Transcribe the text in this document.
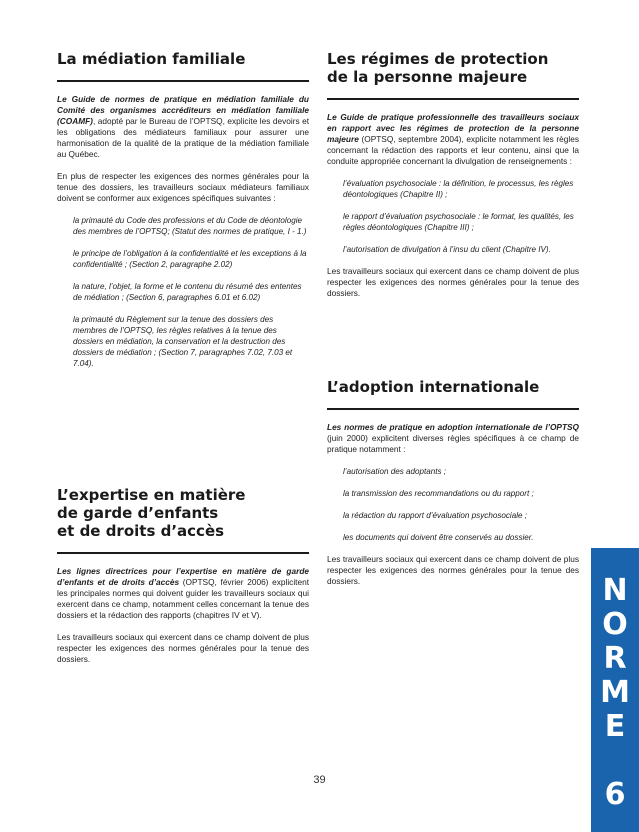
La médiation familiale

Le Guide de normes de pratique en médiation familiale du Comité des organismes accréditeurs en médiation familiale (COAMF), adopté par le Bureau de l’OPTSQ, explicite les devoirs et les obligations des médiateurs familiaux pour assurer une harmonisation de la qualité de la pratique de la médiation familiale au Québec.

En plus de respecter les exigences des normes générales pour la tenue des dossiers, les travailleurs sociaux médiateurs familiaux doivent se conformer aux exigences spécifiques suivantes :

la primauté du Code des professions et du Code de déontologie des membres de l’OPTSQ; (Statut des normes de pratique, I - 1.)
le principe de l’obligation à la confidentialité et les exceptions à la confidentialité ; (Section 2, paragraphe 2.02)
la nature, l’objet, la forme et le contenu du résumé des ententes de médiation ; (Section 6, paragraphes 6.01 et 6.02)
la primauté du Règlement sur la tenue des dossiers des membres de l’OPTSQ, les règles relatives à la tenue des dossiers en médiation, la conservation et la destruction des dossiers de médiation ; (Section 7, paragraphes 7.02, 7.03 et 7.04).
L’expertise en matière
de garde d’enfants
et de droits d’accès

Les lignes directrices pour l’expertise en matière de garde d’enfants et de droits d’accès (OPTSQ, février 2006) explicitent les principales normes qui doivent guider les travailleurs sociaux qui exercent dans ce champ, notamment celles concernant la tenue des dossiers et la rédaction des rapports (chapitres IV et V).

Les travailleurs sociaux qui exercent dans ce champ doivent de plus respecter les exigences des normes générales pour la tenue des dossiers.

Les régimes de protection
de la personne majeure

Le Guide de pratique professionnelle des travailleurs sociaux en rapport avec les régimes de protection de la personne majeure (OPTSQ, septembre 2004), explicite notamment les règles concernant la rédaction des rapports et leur contenu, ainsi que la conduite appropriée concernant la divulgation de renseignements :

l’évaluation psychosociale : la définition, le processus, les règles déontologiques (Chapitre II) ;
le rapport d’évaluation psychosociale : le format, les qualités, les règles déontologiques (Chapitre III) ;
l’autorisation de divulgation à l’insu du client (Chapitre IV).

Les travailleurs sociaux qui exercent dans ce champ doivent de plus respecter les exigences des normes générales pour la tenue des dossiers.

L’adoption internationale

Les normes de pratique en adoption internationale de l’OPTSQ (juin 2000) explicitent diverses règles spécifiques à ce champ de pratique notamment :

l’autorisation des adoptants ;
la transmission des recommandations ou du rapport ;
la rédaction du rapport d’évaluation psychosociale ;
les documents qui doivent être conservés au dossier.

Les travailleurs sociaux qui exercent dans ce champ doivent de plus respecter les exigences des normes générales pour la tenue des dossiers.	N
O
R
M
E
6
39
